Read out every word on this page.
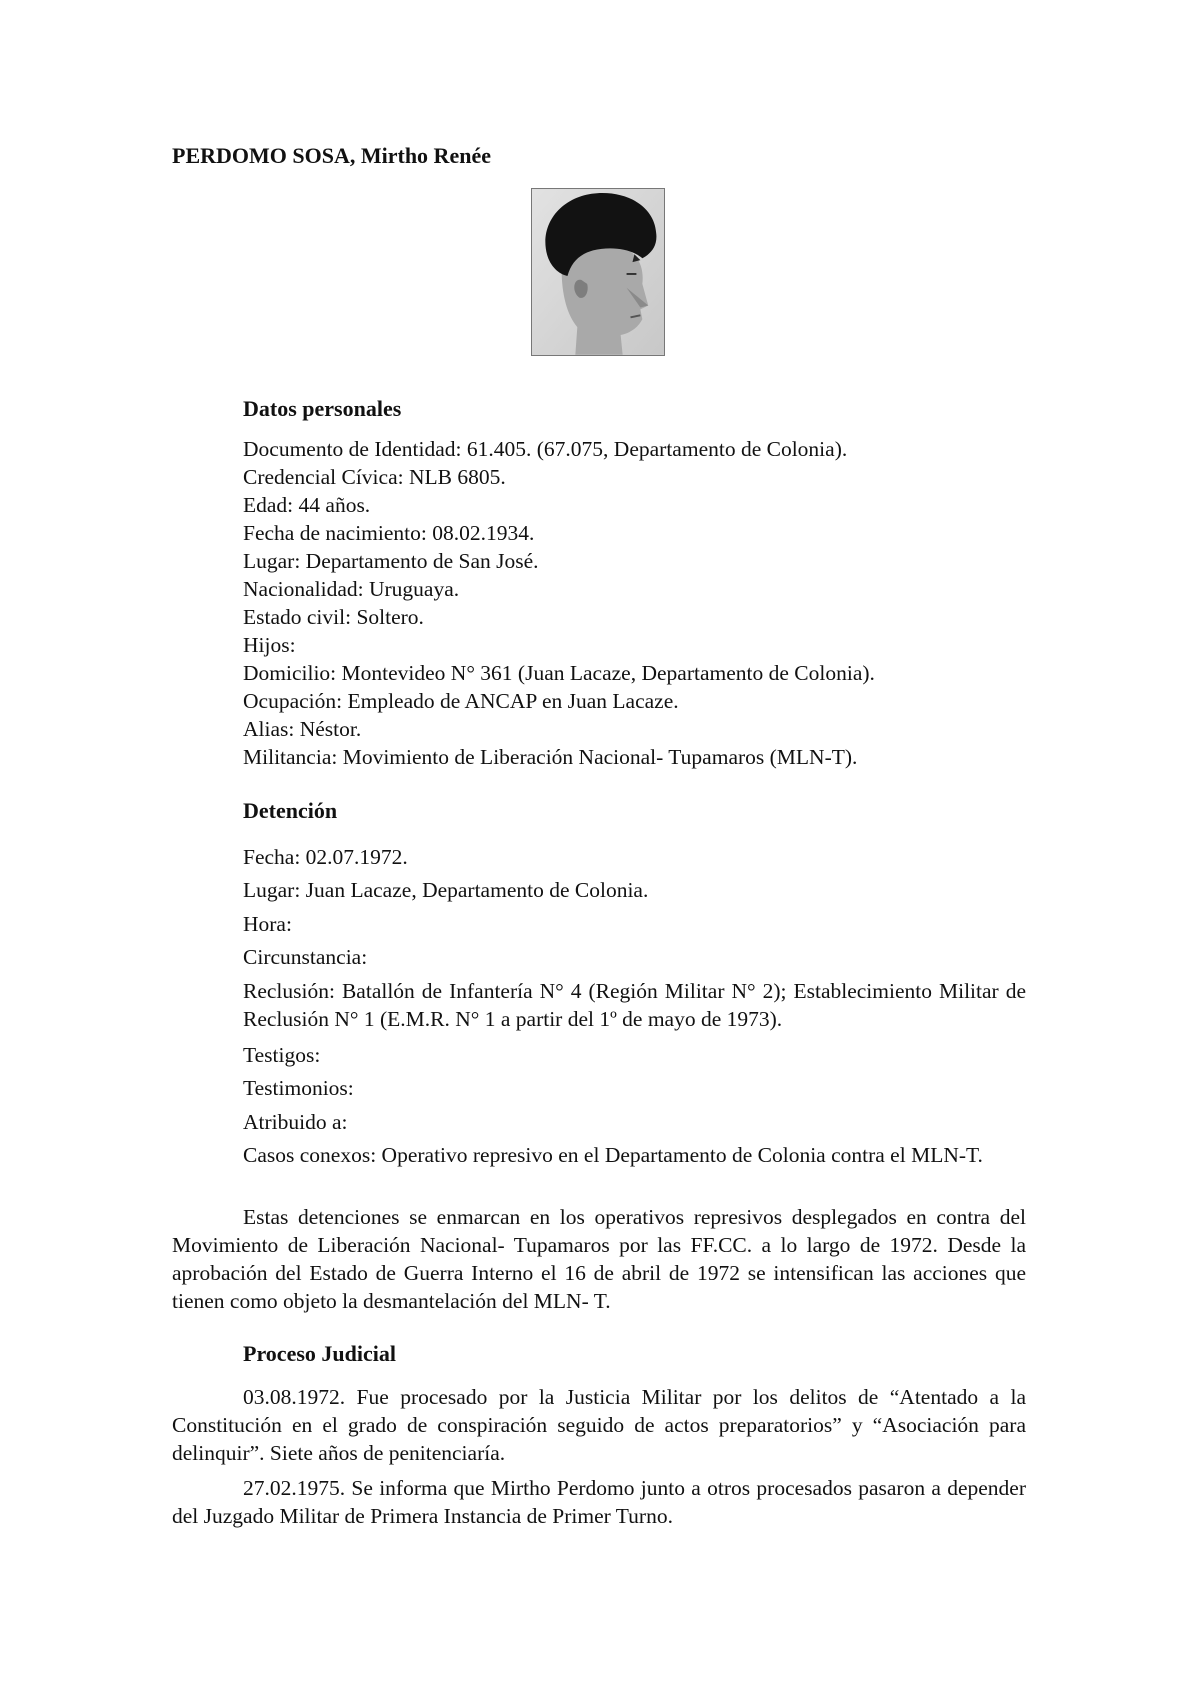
PERDOMO SOSA, Mirtho Renée
Datos personales
Documento de Identidad: 61.405. (67.075, Departamento de Colonia).
Credencial Cívica: NLB 6805.
Edad: 44 años.
Fecha de nacimiento: 08.02.1934.
Lugar: Departamento de San José.
Nacionalidad: Uruguaya.
Estado civil: Soltero.
Hijos:
Domicilio: Montevideo N° 361 (Juan Lacaze, Departamento de Colonia).
Ocupación: Empleado de ANCAP en Juan Lacaze.
Alias: Néstor.
Militancia: Movimiento de Liberación Nacional- Tupamaros (MLN-T).
Detención
Fecha: 02.07.1972.
Lugar: Juan Lacaze, Departamento de Colonia.
Hora:
Circunstancia:
Reclusión: Batallón de Infantería N° 4 (Región Militar N° 2); Establecimiento Militar de Reclusión N° 1 (E.M.R. N° 1 a partir del 1º de mayo de 1973).
Testigos:
Testimonios:
Atribuido a:
Casos conexos: Operativo represivo en el Departamento de Colonia contra el MLN-T.
Estas detenciones se enmarcan en los operativos represivos desplegados en contra del Movimiento de Liberación Nacional- Tupamaros por las FF.CC. a lo largo de 1972. Desde la aprobación del Estado de Guerra Interno el 16 de abril de 1972 se intensifican las acciones que tienen como objeto la desmantelación del MLN- T.
Proceso Judicial
03.08.1972. Fue procesado por la Justicia Militar por los delitos de “Atentado a la Constitución en el grado de conspiración seguido de actos preparatorios” y “Asociación para delinquir”. Siete años de penitenciaría.
27.02.1975. Se informa que Mirtho Perdomo junto a otros procesados pasaron a depender del Juzgado Militar de Primera Instancia de Primer Turno.
